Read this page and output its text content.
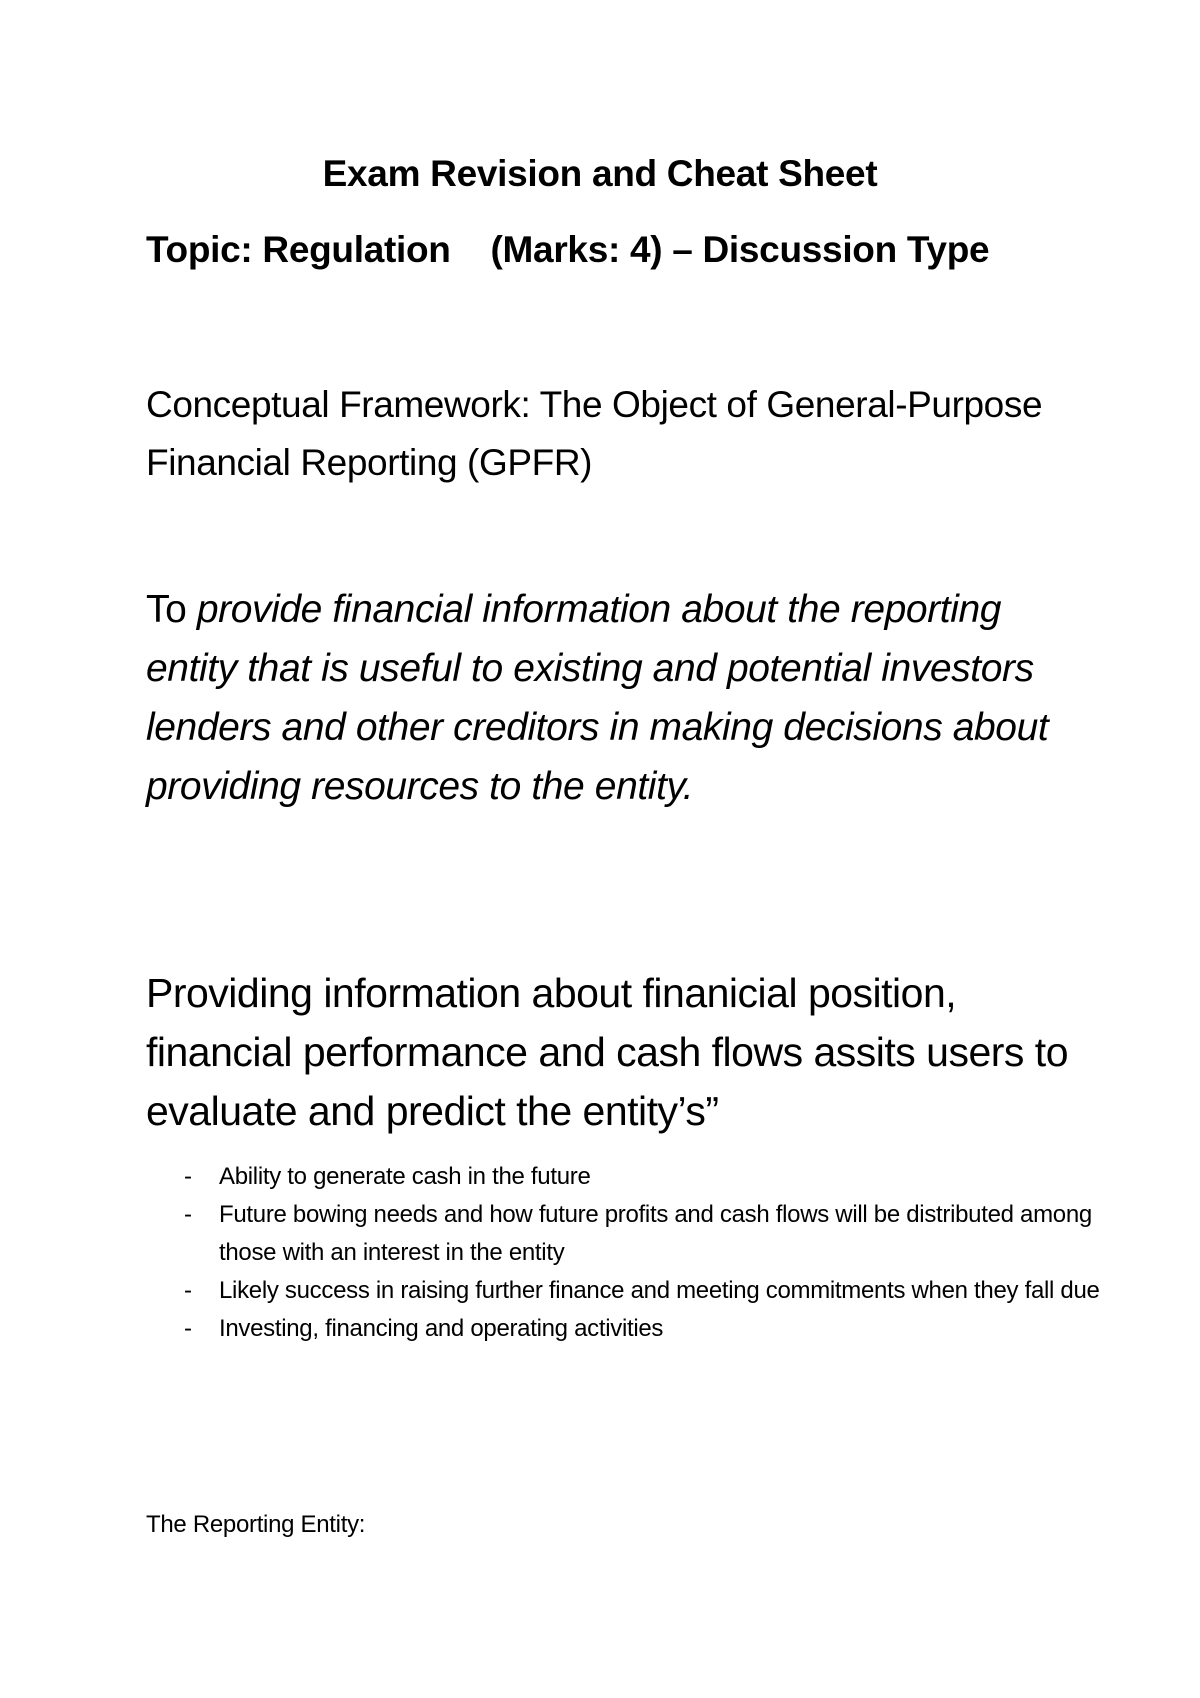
Exam Revision and Cheat Sheet

Topic: Regulation    (Marks: 4) – Discussion Type

Conceptual Framework: The Object of General-Purpose Financial Reporting (GPFR)

To provide financial information about the reporting entity that is useful to existing and potential investors lenders and other creditors in making decisions about providing resources to the entity.

Providing information about finanicial position, financial performance and cash flows assits users to evaluate and predict the entity’s”

- Ability to generate cash in the future
- Future bowing needs and how future profits and cash flows will be distributed among those with an interest in the entity
- Likely success in raising further finance and meeting commitments when they fall due
- Investing, financing and operating activities

The Reporting Entity:
